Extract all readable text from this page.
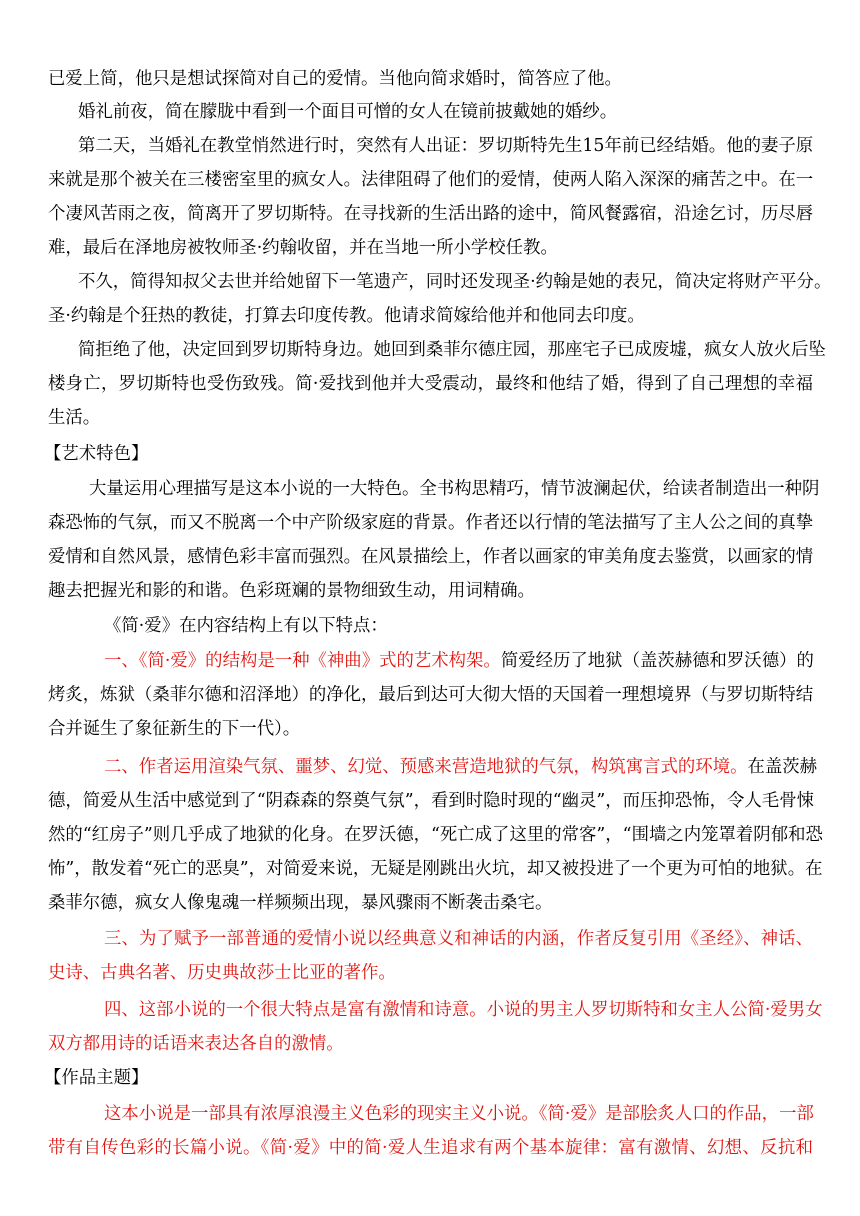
已爱上简，他只是想试探简对自己的爱情。当他向简求婚时，简答应了他。
婚礼前夜，简在朦胧中看到一个面目可憎的女人在镜前披戴她的婚纱。
第二天，当婚礼在教堂悄然进行时，突然有人出证：罗切斯特先生15年前已经结婚。他的妻子原
来就是那个被关在三楼密室里的疯女人。法律阻碍了他们的爱情，使两人陷入深深的痛苦之中。在一
个凄风苦雨之夜，简离开了罗切斯特。在寻找新的生活出路的途中，简风餐露宿，沿途乞讨，历尽唇
难，最后在泽地房被牧师圣·约翰收留，并在当地一所小学校任教。
不久，简得知叔父去世并给她留下一笔遗产，同时还发现圣·约翰是她的表兄，简决定将财产平分。
圣·约翰是个狂热的教徒，打算去印度传教。他请求简嫁给他并和他同去印度。
简拒绝了他，决定回到罗切斯特身边。她回到桑菲尔德庄园，那座宅子已成废墟，疯女人放火后坠
楼身亡，罗切斯特也受伤致残。简·爱找到他并大受震动，最终和他结了婚，得到了自己理想的幸福
生活。
【艺术特色】
大量运用心理描写是这本小说的一大特色。全书构思精巧，情节波澜起伏，给读者制造出一种阴
森恐怖的气氛，而又不脱离一个中产阶级家庭的背景。作者还以行情的笔法描写了主人公之间的真挚
爱情和自然风景，感情色彩丰富而强烈。在风景描绘上，作者以画家的审美角度去鉴赏，以画家的情
趣去把握光和影的和谐。色彩斑斓的景物细致生动，用词精确。
《简·爱》在内容结构上有以下特点：
一、《简·爱》的结构是一种《神曲》式的艺术构架。简爱经历了地狱（盖茨赫德和罗沃德）的
烤炙，炼狱（桑菲尔德和沼泽地）的净化，最后到达可大彻大悟的天国着一理想境界（与罗切斯特结
合并诞生了象征新生的下一代）。
二、作者运用渲染气氛、噩梦、幻觉、预感来营造地狱的气氛，构筑寓言式的环境。在盖茨赫
德，简爱从生活中感觉到了“阴森森的祭奠气氛”，看到时隐时现的“幽灵”，而压抑恐怖，令人毛骨悚
然的“红房子”则几乎成了地狱的化身。在罗沃德，“死亡成了这里的常客”，“围墙之内笼罩着阴郁和恐
怖”，散发着“死亡的恶臭”，对简爱来说，无疑是刚跳出火坑，却又被投进了一个更为可怕的地狱。在
桑菲尔德，疯女人像鬼魂一样频频出现，暴风骤雨不断袭击桑宅。
三、为了赋予一部普通的爱情小说以经典意义和神话的内涵，作者反复引用《圣经》、神话、
史诗、古典名著、历史典故莎士比亚的著作。
四、这部小说的一个很大特点是富有激情和诗意。小说的男主人罗切斯特和女主人公简·爱男女
双方都用诗的话语来表达各自的激情。
【作品主题】
这本小说是一部具有浓厚浪漫主义色彩的现实主义小说。《简·爱》是部脍炙人口的作品，一部
带有自传色彩的长篇小说。《简·爱》中的简·爱人生追求有两个基本旋律：富有激情、幻想、反抗和
